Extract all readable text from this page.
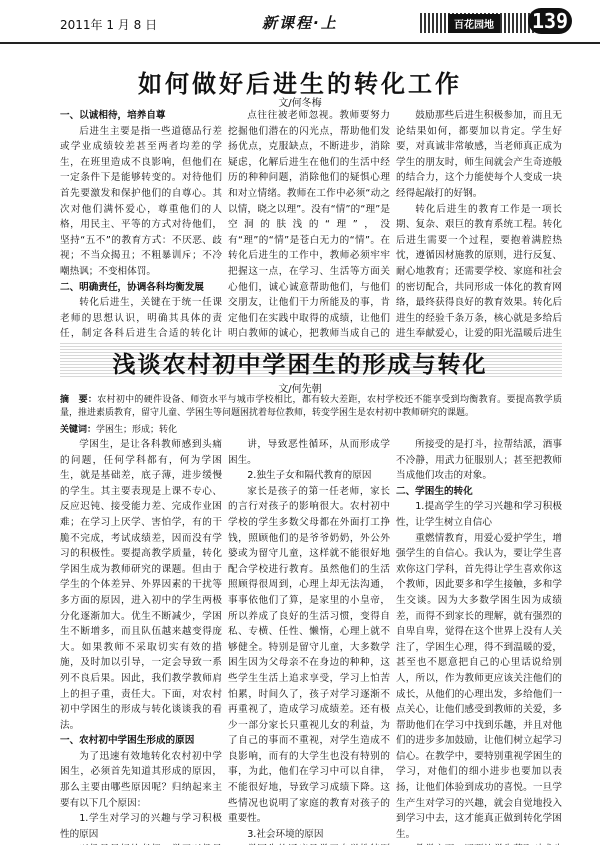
2011年 1 月 8 日	新课程·上	百花园地	139
如何做好后进生的转化工作
文/何冬梅

一、以诚相待，培养自尊

后进生主要是指一些道德品行差或学业成绩较差甚至两者均差的学生，在班里造成不良影响，但他们在一定条件下是能够转变的。对待他们首先要激发和保护他们的自尊心。其次对他们满怀爱心，尊重他们的人格，用民主、平等的方式对待他们，坚持“五不”的教育方式：不厌恶、歧视；不当众揭丑；不粗暴训斥；不冷嘲热讽；不变相体罚。

二、明确责任，协调各科均衡发展

转化后进生，关键在于统一任课老师的思想认识，明确其具体的责任，制定各科后进生合适的转化计

点往往被老师忽视。教师要努力挖掘他们潜在的闪光点，帮助他们发扬优点，克服缺点，不断进步，消除疑虑，化解后进生在他们的生活中经历的种种问题，消除他们的疑惧心理和对立情绪。教师在工作中必须“动之以情，晓之以理”。没有“情”的“理”是空洞的肤浅的“理”，没有“理”的“情”是苍白无力的“情”。在转化后进生的工作中，教师必须牢牢把握这一点，在学习、生活等方面关心他们，诚心诚意帮助他们，与他们交朋友，让他们干力所能及的事，肯定他们在实践中取得的成绩，让他们明白教师的诚心，把教师当成自己的

鼓励那些后进生积极参加，而且无论结果如何，都要加以肯定。学生好要，对真诚非常敏感，当老师真正成为学生的朋友时，师生间就会产生奇迹般的结合力，这个力能使每个人变成一块经得起敲打的好钢。

转化后进生的教育工作是一项长期、复杂、艰巨的教育系统工程。转化后进生需要一个过程，要抱着满腔热忱，遵循因材施教的原则，进行反复、耐心地教育；还需要学校、家庭和社会的密切配合，共同形成一体化的教育网络，最终获得良好的教育效果。转化后进生的经验千条万条，核心就是多给后进生奉献爱心，让爱的阳光温暖后进生

浅谈农村初中学困生的形成与转化
文/何先朝
摘　要：农村初中的硬件设备、师资水平与城市学校相比，都有较大差距，农村学校还不能享受到均衡教育。要提高教学质量，推进素质教育，留守儿童、学困生等问题困扰着每位教师，转变学困生是农村初中教师研究的课题。
关键词：学困生；形成；转化

学困生，是让各科教师感到头痛的问题，任何学科都有，何为学困生，就是基础差，底子薄，进步缓慢的学生。其主要表现是上课不专心、反应迟钝、接受能力差、完成作业困难；在学习上厌学、害怕学，有的干脆不完成，考试成绩差，因而没有学习的积极性。要提高教学质量，转化学困生成为教师研究的课题。但由于学生的个体差异、外界因素的干扰等多方面的原因，进入初中的学生两极分化逐渐加大。优生不断减少，学困生不断增多，而且队伍越来越变得庞大。如果教师不采取切实有效的措施，及时加以引导，一定会导致一系列不良后果。因此，我们教学教师肩上的担子重，责任大。下面，对农村初中学困生的形成与转化谈谈我的看法。

一、农村初中学困生形成的原因

为了迅速有效地转化农村初中学困生，必须首先知道其形成的原因，那么主要由哪些原因呢？归纳起来主要有以下几个原因：

1.学生对学习的兴趣与学习积极性的原因

讲，导致恶性循环，从而形成学困生。

2.独生子女和隔代教育的原因

家长是孩子的第一任老师，家长的言行对孩子的影响很大。农村初中学校的学生多数父母都在外面打工挣钱，照顾他们的是爷爷奶奶，外公外婆或为留守儿童，这样就不能很好地配合学校进行教育。虽然他们的生活照顾得很周到，心理上却无法沟通，事事依他们了算，是家里的小皇帝，所以养成了良好的生活习惯，变得自私、专横、任性、懒惰，心理上就不够健全。特别是留守儿童，大多数学困生因为父母亲不在身边的种种，这些学生生活上追求享受，学习上怕苦怕累，时间久了，孩子对学习逐渐不再重视了，造成学习成绩差。还有极少一部分家长只重视儿女的利益，为了自己的事而不重视，对学生造成不良影响，而有的大学生也没有特别的事，为此，他们在学习中可以自律，不能很好地，导致学习成绩下降。这些情况也说明了家庭的教育对孩子的重要性。

3.社会环境的原因

所接受的是打斗，拉帮结派，酒事不冷静，用武力征服别人；甚至把教师当成他们攻击的对象。

二、学困生的转化

1.提高学生的学习兴趣和学习积极性，让学生树立自信心

重燃情教育，用爱心爱护学生，增强学生的自信心。我认为，要让学生喜欢你这门学科，首先得让学生喜欢你这个教师，因此要多和学生接触，多和学生交谈。因为大多数学困生因为成绩差，而得不到家长的理解，就有强烈的自卑自卑，觉得在这个世界上没有人关注了，学困生心理，得不到温暖的爱，甚至也不愿意把自己的心里话说给别人，所以，作为教师更应该关注他们的成长，从他们的心理出发，多给他们一点关心，让他们感受到教师的关爱，多帮助他们在学习中找到乐趣，并且对他们的进步多加鼓励，让他们树立起学习信心。在教学中，要特别重视学困生的学习，对他们的细小进步也要加以表扬，让他们体验到成功的喜悦。一旦学生产生对学习的兴趣，就会自觉地投入到学习中去，这才能真正做到转化学困生。
